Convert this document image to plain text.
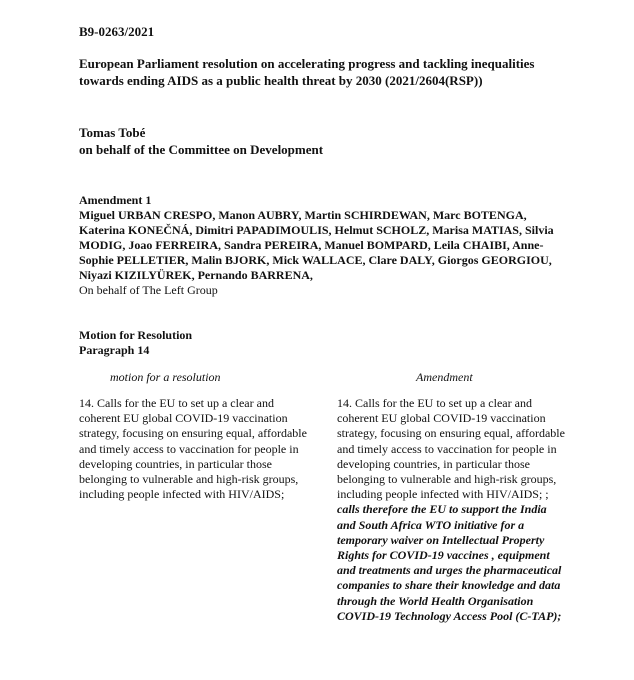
B9-0263/2021
European Parliament resolution on accelerating progress and tackling inequalities towards ending AIDS as a public health threat by 2030 (2021/2604(RSP))
Tomas Tobé
on behalf of the Committee on Development
Amendment 1
Miguel URBAN CRESPO, Manon AUBRY, Martin SCHIRDEWAN, Marc BOTENGA, Katerina KONEČNÁ, Dimitri PAPADIMOULIS, Helmut SCHOLZ, Marisa MATIAS, Silvia MODIG, Joao FERREIRA, Sandra PEREIRA, Manuel BOMPARD, Leila CHAIBI, Anne-Sophie PELLETIER, Malin BJORK, Mick WALLACE, Clare DALY, Giorgos GEORGIOU, Niyazi KIZILYÜREK, Pernando BARRENA,
On behalf of The Left Group
Motion for Resolution
Paragraph 14
motion for a resolution	Amendment
14. Calls for the EU to set up a clear and coherent EU global COVID-19 vaccination strategy, focusing on ensuring equal, affordable and timely access to vaccination for people in developing countries, in particular those belonging to vulnerable and high-risk groups, including people infected with HIV/AIDS;
14. Calls for the EU to set up a clear and coherent EU global COVID-19 vaccination strategy, focusing on ensuring equal, affordable and timely access to vaccination for people in developing countries, in particular those belonging to vulnerable and high-risk groups, including people infected with HIV/AIDS; ; calls therefore the EU to support the India and South Africa WTO initiative for a temporary waiver on Intellectual Property Rights for COVID-19 vaccines , equipment and treatments and urges the pharmaceutical companies to share their knowledge and data through the World Health Organisation COVID-19 Technology Access Pool (C-TAP);
